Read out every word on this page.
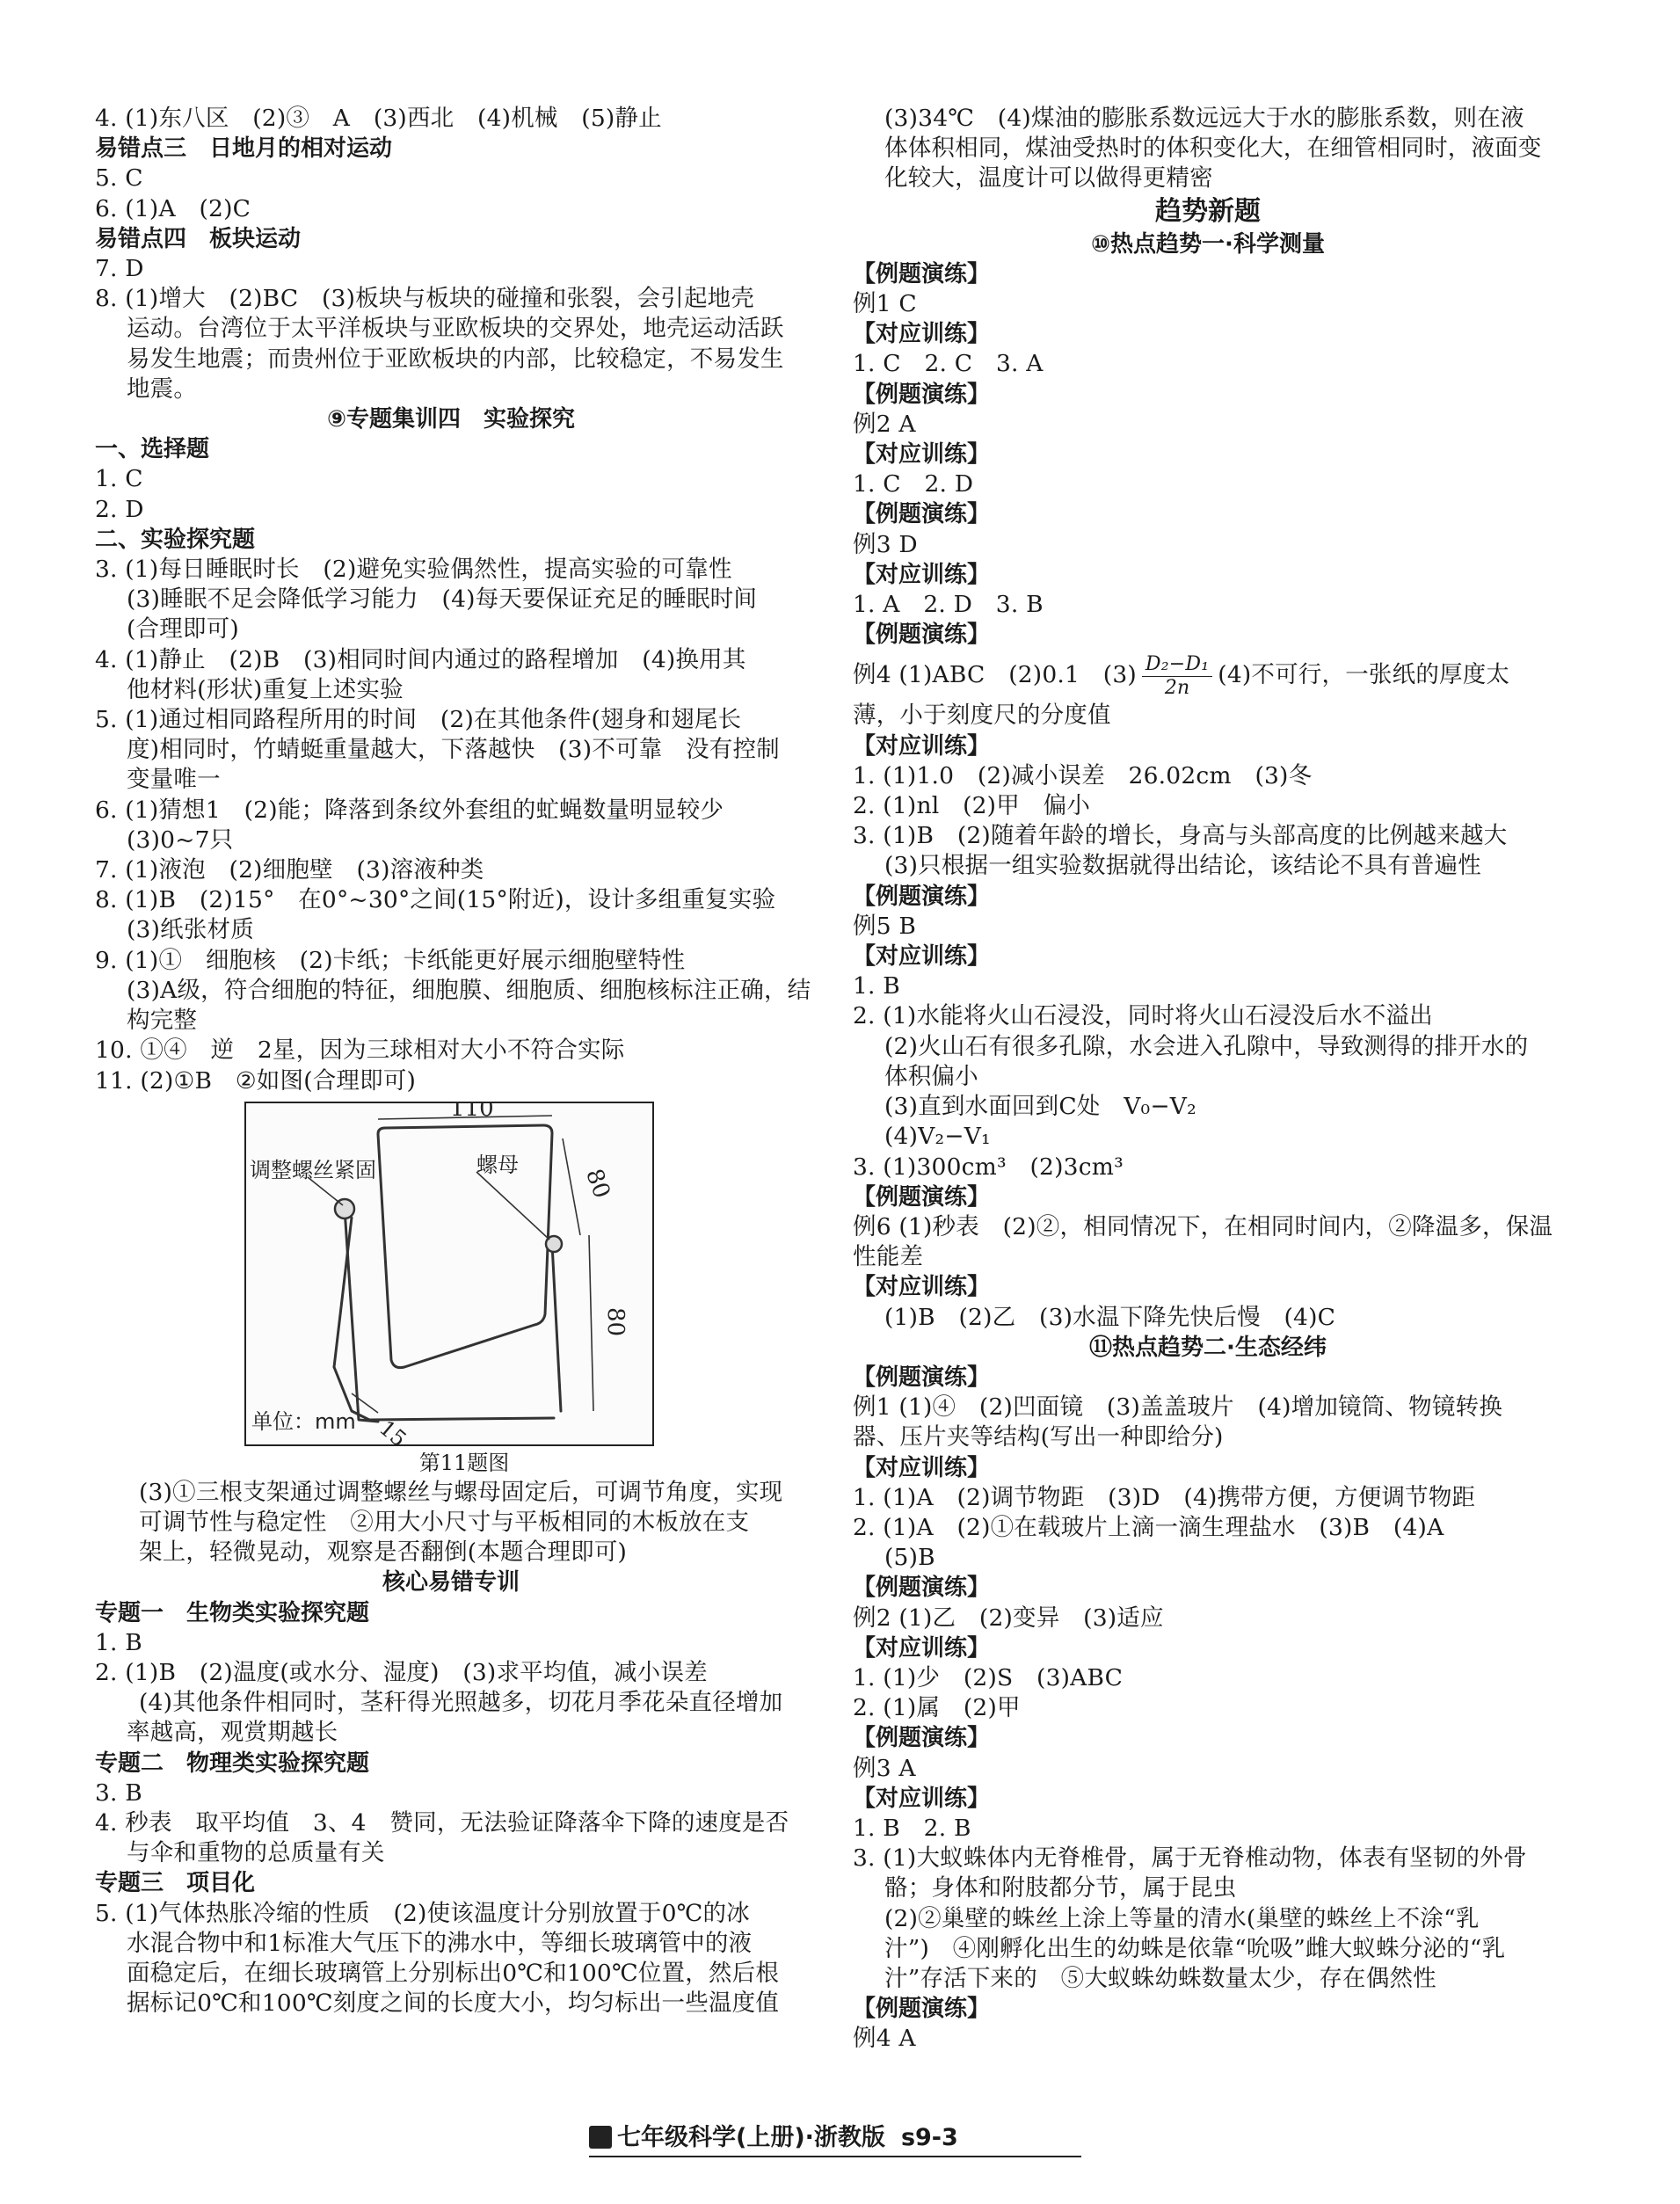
4. (1)东八区　(2)③　A　(3)西北　(4)机械　(5)静止
易错点三　日地月的相对运动
5. C
6. (1)A　(2)C
易错点四　板块运动
7. D
8. (1)增大　(2)BC　(3)板块与板块的碰撞和张裂，会引起地壳
运动。台湾位于太平洋板块与亚欧板块的交界处，地壳运动活跃
易发生地震；而贵州位于亚欧板块的内部，比较稳定，不易发生
地震。
⑨专题集训四　实验探究
一、选择题
1. C
2. D
二、实验探究题
3. (1)每日睡眠时长　(2)避免实验偶然性，提高实验的可靠性
(3)睡眠不足会降低学习能力　(4)每天要保证充足的睡眠时间
(合理即可)
4. (1)静止　(2)B　(3)相同时间内通过的路程增加　(4)换用其
他材料(形状)重复上述实验
5. (1)通过相同路程所用的时间　(2)在其他条件(翅身和翅尾长
度)相同时，竹蜻蜓重量越大，下落越快　(3)不可靠　没有控制
变量唯一
6. (1)猜想1　(2)能；降落到条纹外套组的虻蝇数量明显较少
(3)0~7只
7. (1)液泡　(2)细胞壁　(3)溶液种类
8. (1)B　(2)15°　在0°~30°之间(15°附近)，设计多组重复实验
(3)纸张材质
9. (1)①　细胞核　(2)卡纸；卡纸能更好展示细胞壁特性
(3)A级，符合细胞的特征，细胞膜、细胞质、细胞核标注正确，结
构完整
10. ①④　逆　2星，因为三球相对大小不符合实际
11. (2)①B　②如图(合理即可)
110
80
80
15
螺母
调整螺丝紧固
单位：mm
第11题图
(3)①三根支架通过调整螺丝与螺母固定后，可调节角度，实现
可调节性与稳定性　②用大小尺寸与平板相同的木板放在支
架上，轻微晃动，观察是否翻倒(本题合理即可)
核心易错专训
专题一　生物类实验探究题
1. B
2. (1)B　(2)温度(或水分、湿度)　(3)求平均值，减小误差
(4)其他条件相同时，茎秆得光照越多，切花月季花朵直径增加
率越高，观赏期越长
专题二　物理类实验探究题
3. B
4. 秒表　取平均值　3、4　赞同，无法验证降落伞下降的速度是否
与伞和重物的总质量有关
专题三　项目化
5. (1)气体热胀冷缩的性质　(2)使该温度计分别放置于0℃的冰
水混合物中和1标准大气压下的沸水中，等细长玻璃管中的液
面稳定后，在细长玻璃管上分别标出0℃和100℃位置，然后根
据标记0℃和100℃刻度之间的长度大小，均匀标出一些温度值
(3)34℃　(4)煤油的膨胀系数远远大于水的膨胀系数，则在液
体体积相同，煤油受热时的体积变化大，在细管相同时，液面变
化较大，温度计可以做得更精密
趋势新题
⑩热点趋势一·科学测量
【例题演练】
例1 C
【对应训练】
1. C　2. C　3. A
【例题演练】
例2 A
【对应训练】
1. C　2. D
【例题演练】
例3 D
【对应训练】
1. A　2. D　3. B
【例题演练】
例4 (1)ABC　(2)0.1　$(3) \frac{\text{D₂−D₁}}{2n} (4)$不可行，一张纸的厚度太
薄，小于刻度尺的分度值
【对应训练】
1. (1)1.0　(2)减小误差　26.02cm　(3)冬
2. (1)nl　(2)甲　偏小
3. (1)B　(2)随着年龄的增长，身高与头部高度的比例越来越大
(3)只根据一组实验数据就得出结论，该结论不具有普遍性
【例题演练】
例5 B
【对应训练】
1. B
2. (1)水能将火山石浸没，同时将火山石浸没后水不溢出
(2)火山石有很多孔隙，水会进入孔隙中，导致测得的排开水的
体积偏小
(3)直到水面回到C处　V₀−V₂
(4)V₂−V₁
3. (1)300cm³　(2)3cm³
【例题演练】
例6 (1)秒表　(2)②，相同情况下，在相同时间内，②降温多，保温
性能差
【对应训练】
(1)B　(2)乙　(3)水温下降先快后慢　(4)C
⑪热点趋势二·生态经纬
【例题演练】
例1 (1)④　(2)凹面镜　(3)盖盖玻片　(4)增加镜筒、物镜转换
器、压片夹等结构(写出一种即给分)
【对应训练】
1. (1)A　(2)调节物距　(3)D　(4)携带方便，方便调节物距
2. (1)A　(2)①在载玻片上滴一滴生理盐水　(3)B　(4)A
(5)B
【例题演练】
例2 (1)乙　(2)变异　(3)适应
【对应训练】
1. (1)少　(2)S　(3)ABC
2. (1)属　(2)甲
【例题演练】
例3 A
【对应训练】
1. B　2. B
3. (1)大蚁蛛体内无脊椎骨，属于无脊椎动物，体表有坚韧的外骨
骼；身体和附肢都分节，属于昆虫
(2)②巢壁的蛛丝上涂上等量的清水(巢壁的蛛丝上不涂“乳
汁”)　④刚孵化出生的幼蛛是依靠“吮吸”雌大蚁蛛分泌的“乳
汁”存活下来的　⑤大蚁蛛幼蛛数量太少，存在偶然性
【例题演练】
例4 A
七年级科学(上册)·浙教版 s9-3
